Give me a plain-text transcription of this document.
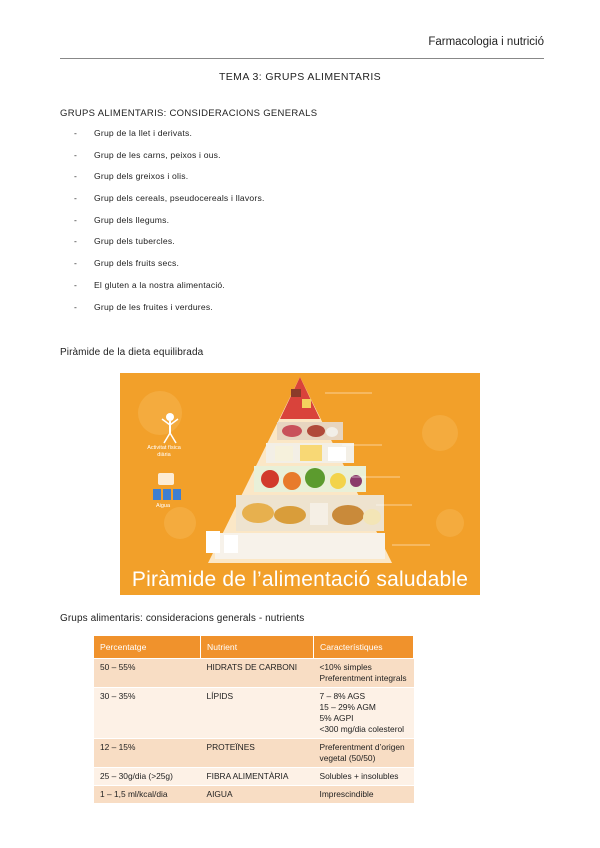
Farmacologia i nutrició
TEMA 3: GRUPS ALIMENTARIS
GRUPS ALIMENTARIS: CONSIDERACIONS GENERALS
-	Grup de la llet i derivats.
-	Grup de les carns, peixos i ous.
-	Grup dels greixos i olis.
-	Grup dels cereals, pseudocereals i llavors.
-	Grup dels llegums.
-	Grup dels tubercles.
-	Grup dels fruits secs.
-	El gluten a la nostra alimentació.
-	Grup de les fruites i verdures.
Piràmide de la dieta equilibrada
Activitat física diària
Aigua
Piràmide de l’alimentació saludable
Grups alimentaris: consideracions generals - nutrients
Percentatge	Nutrient	Característiques
50 – 55%	HIDRATS DE CARBONI	<10% simples
Preferentment integrals

30 – 35%	LÍPIDS	7 – 8% AGS
15 – 29% AGM
5% AGPI
<300 mg/dia colesterol

12 – 15%	PROTEÏNES	Preferentment d’origen
vegetal (50/50)

25 – 30g/dia (>25g)	FIBRA ALIMENTÀRIA	Solubles + insolubles

1 – 1,5 ml/kcal/dia	AIGUA	Imprescindible
